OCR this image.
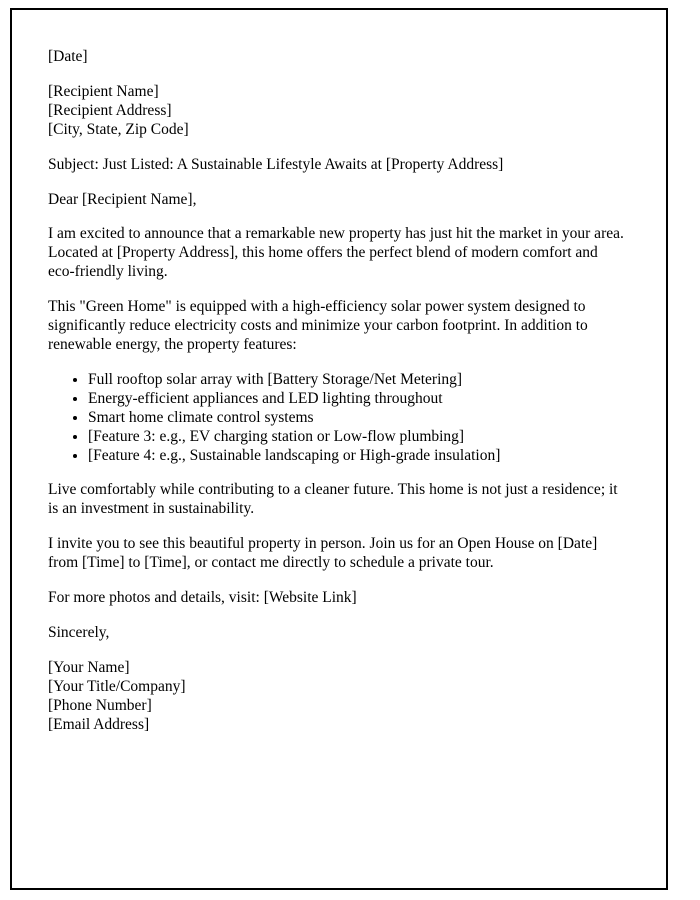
[Date]

[Recipient Name]
[Recipient Address]
[City, State, Zip Code]

Subject: Just Listed: A Sustainable Lifestyle Awaits at [Property Address]

Dear [Recipient Name],

I am excited to announce that a remarkable new property has just hit the market in your area. Located at [Property Address], this home offers the perfect blend of modern comfort and eco-friendly living.

This "Green Home" is equipped with a high-efficiency solar power system designed to significantly reduce electricity costs and minimize your carbon footprint. In addition to renewable energy, the property features:

• Full rooftop solar array with [Battery Storage/Net Metering]
• Energy-efficient appliances and LED lighting throughout
• Smart home climate control systems
• [Feature 3: e.g., EV charging station or Low-flow plumbing]
• [Feature 4: e.g., Sustainable landscaping or High-grade insulation]

Live comfortably while contributing to a cleaner future. This home is not just a residence; it is an investment in sustainability.

I invite you to see this beautiful property in person. Join us for an Open House on [Date] from [Time] to [Time], or contact me directly to schedule a private tour.

For more photos and details, visit: [Website Link]

Sincerely,

[Your Name]
[Your Title/Company]
[Phone Number]
[Email Address]
